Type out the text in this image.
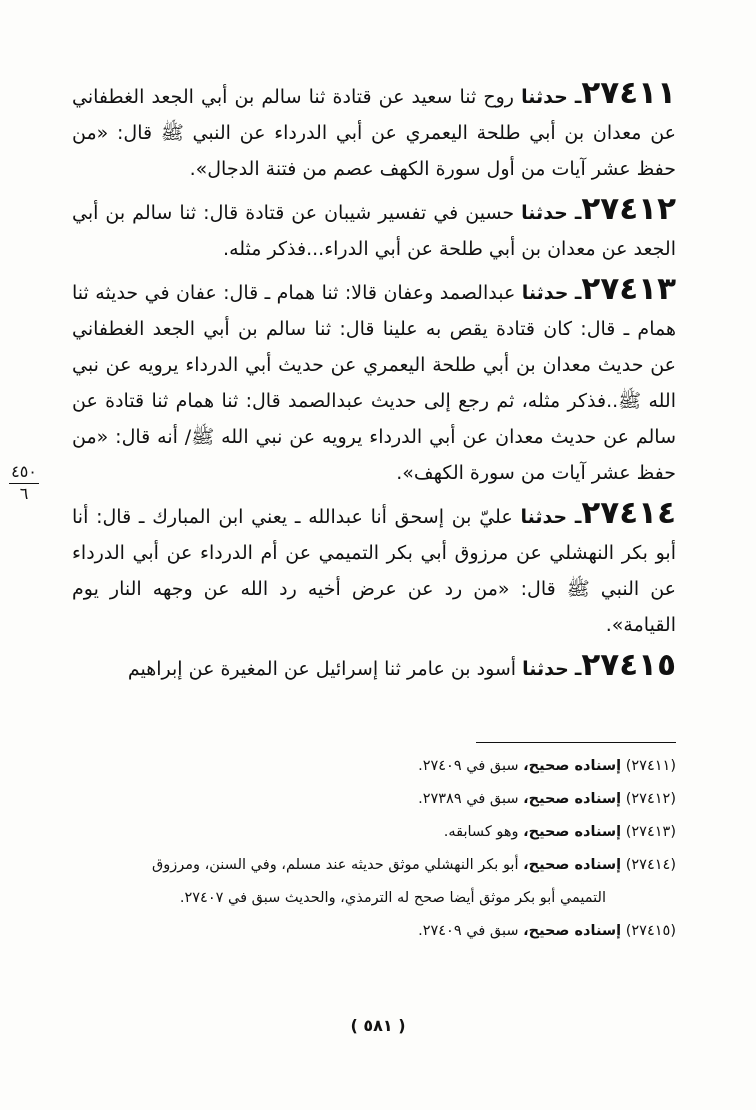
٢٧٤١١ـ حدثنا روح ثنا سعيد عن قتادة ثنا سالم بن أبي الجعد الغطفاني عن معدان بن أبي طلحة اليعمري عن أبي الدرداء عن النبي ﷺ قال: «من حفظ عشر آيات من أول سورة الكهف عصم من فتنة الدجال».

٢٧٤١٢ـ حدثنا حسين في تفسير شيبان عن قتادة قال: ثنا سالم بن أبي الجعد عن معدان بن أبي طلحة عن أبي الدراء...فذكر مثله.

٢٧٤١٣ـ حدثنا عبدالصمد وعفان قالا: ثنا همام ـ قال: عفان في حديثه ثنا همام ـ قال: كان قتادة يقص به علينا قال: ثنا سالم بن أبي الجعد الغطفاني عن حديث معدان بن أبي طلحة اليعمري عن حديث أبي الدرداء يرويه عن نبي الله ﷺ..فذكر مثله، ثم رجع إلى حديث عبدالصمد قال: ثنا همام ثنا قتادة عن سالم عن حديث معدان عن أبي الدرداء يرويه عن نبي الله ﷺ/ أنه قال: «من حفظ عشر آيات من سورة الكهف».

٢٧٤١٤ـ حدثنا عليّ بن إسحق أنا عبدالله ـ يعني ابن المبارك ـ قال: أنا أبو بكر النهشلي عن مرزوق أبي بكر التميمي عن أم الدرداء عن أبي الدرداء عن النبي ﷺ قال: «من رد عن عرض أخيه رد الله عن وجهه النار يوم القيامة».

٢٧٤١٥ـ حدثنا أسود بن عامر ثنا إسرائيل عن المغيرة عن إبراهيم

٤٥٠
٦

(٢٧٤١١) إسناده صحيح، سبق في ٢٧٤٠٩.

(٢٧٤١٢) إسناده صحيح، سبق في ٢٧٣٨٩.

(٢٧٤١٣) إسناده صحيح، وهو كسابقه.

(٢٧٤١٤) إسناده صحيح، أبو بكر النهشلي موثق حديثه عند مسلم، وفي السنن، ومرزوق

التميمي أبو بكر موثق أيضا صحح له الترمذي، والحديث سبق في ٢٧٤٠٧.

(٢٧٤١٥) إسناده صحيح، سبق في ٢٧٤٠٩.

( ٥٨١ )
